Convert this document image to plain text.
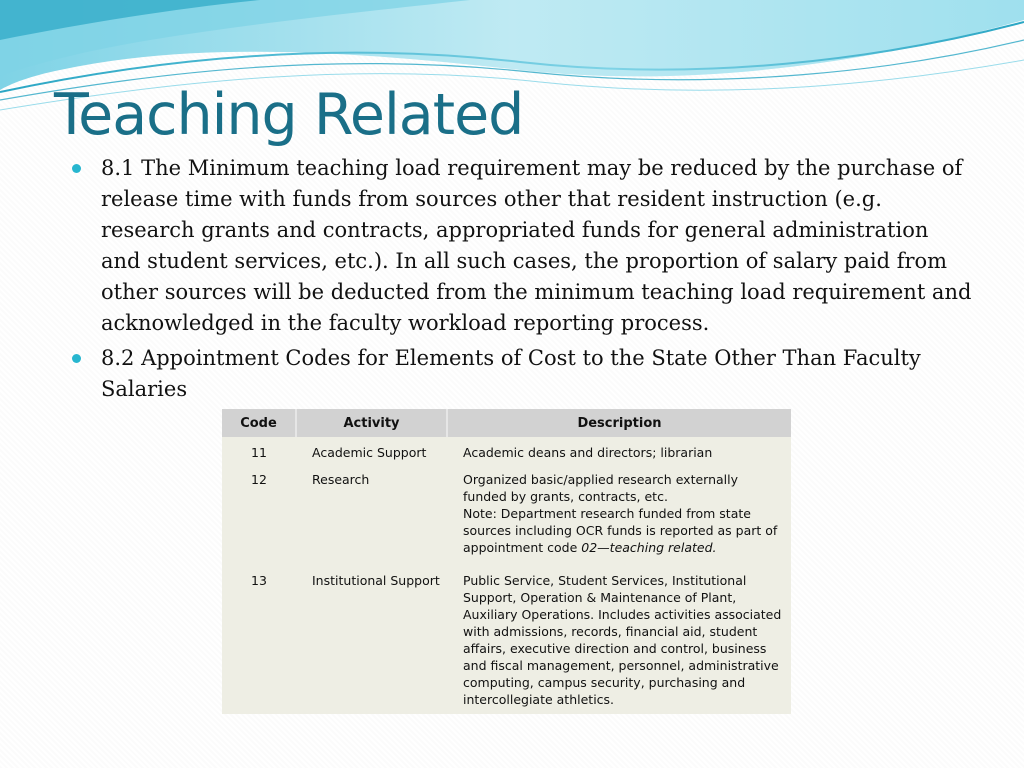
Teaching Related
8.1 The Minimum teaching load requirement may be reduced by the purchase of release time with funds from sources other that resident instruction (e.g. research grants and contracts, appropriated funds for general administration and student services, etc.). In all such cases, the proportion of salary paid from other sources will be deducted from the minimum teaching load requirement and acknowledged in the faculty workload reporting process.
8.2 Appointment Codes for Elements of Cost to the State Other Than Faculty Salaries
Code	Activity	Description
11	Academic Support	Academic deans and directors; librarian
12	Research	Organized basic/applied research externally funded by grants, contracts, etc.
Note: Department research funded from state sources including OCR funds is reported as part of appointment code 02—teaching related.
13	Institutional Support	Public Service, Student Services, Institutional Support, Operation & Maintenance of Plant, Auxiliary Operations. Includes activities associated with admissions, records, financial aid, student affairs, executive direction and control, business and fiscal management, personnel, administrative computing, campus security, purchasing and intercollegiate athletics.
